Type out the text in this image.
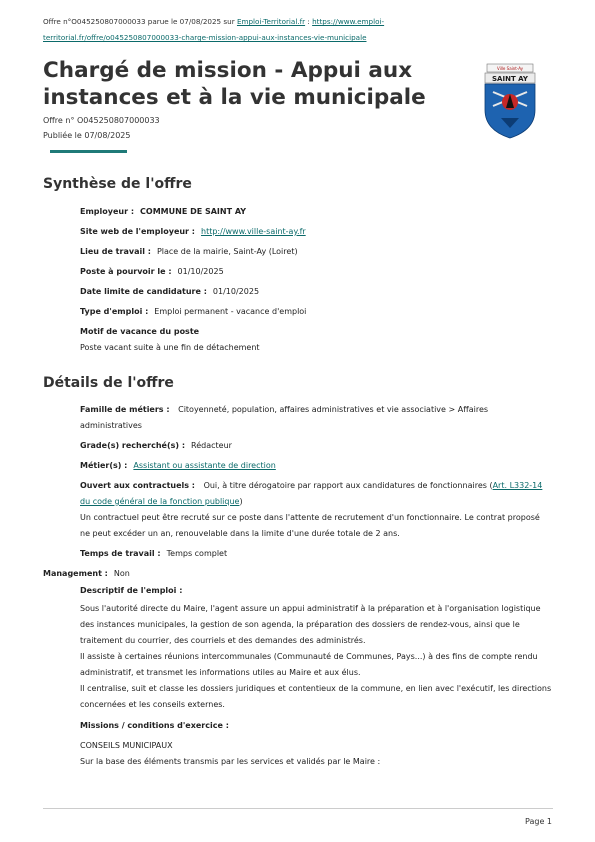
Offre n°O045250807000033 parue le 07/08/2025 sur Emploi-Territorial.fr : https://www.emploi-
territorial.fr/offre/o045250807000033-charge-mission-appui-aux-instances-vie-municipale
Chargé de mission - Appui aux instances et à la vie municipale
Offre n° O045250807000033
Publiée le 07/08/2025
Ville Saint-Ay
SAINT AY
Synthèse de l'offre
Employeur : COMMUNE DE SAINT AY
Site web de l'employeur : http://www.ville-saint-ay.fr
Lieu de travail : Place de la mairie, Saint-Ay (Loiret)
Poste à pourvoir le : 01/10/2025
Date limite de candidature : 01/10/2025
Type d'emploi : Emploi permanent - vacance d'emploi
Motif de vacance du poste
Poste vacant suite à une fin de détachement
Détails de l'offre
Famille de métiers : Citoyenneté, population, affaires administratives et vie associative > Affaires administratives
Grade(s) recherché(s) : Rédacteur
Métier(s) : Assistant ou assistante de direction

Ouvert aux contractuels : Oui, à titre dérogatoire par rapport aux candidatures de fonctionnaires (Art. L332-14 du code général de la fonction publique)

Un contractuel peut être recruté sur ce poste dans l'attente de recrutement d'un fonctionnaire. Le contrat proposé ne peut excéder un an, renouvelable dans la limite d'une durée totale de 2 ans.

Temps de travail : Temps complet
Management : Non
Descriptif de l'emploi :

Sous l'autorité directe du Maire, l'agent assure un appui administratif à la préparation et à l'organisation logistique des instances municipales, la gestion de son agenda, la préparation des dossiers de rendez-vous, ainsi que le traitement du courrier, des courriels et des demandes des administrés.

Il assiste à certaines réunions intercommunales (Communauté de Communes, Pays...) à des fins de compte rendu administratif, et transmet les informations utiles au Maire et aux élus.

Il centralise, suit et classe les dossiers juridiques et contentieux de la commune, en lien avec l'exécutif, les directions concernées et les conseils externes.

Missions / conditions d'exercice :

CONSEILS MUNICIPAUX

Sur la base des éléments transmis par les services et validés par le Maire :

Page 1
